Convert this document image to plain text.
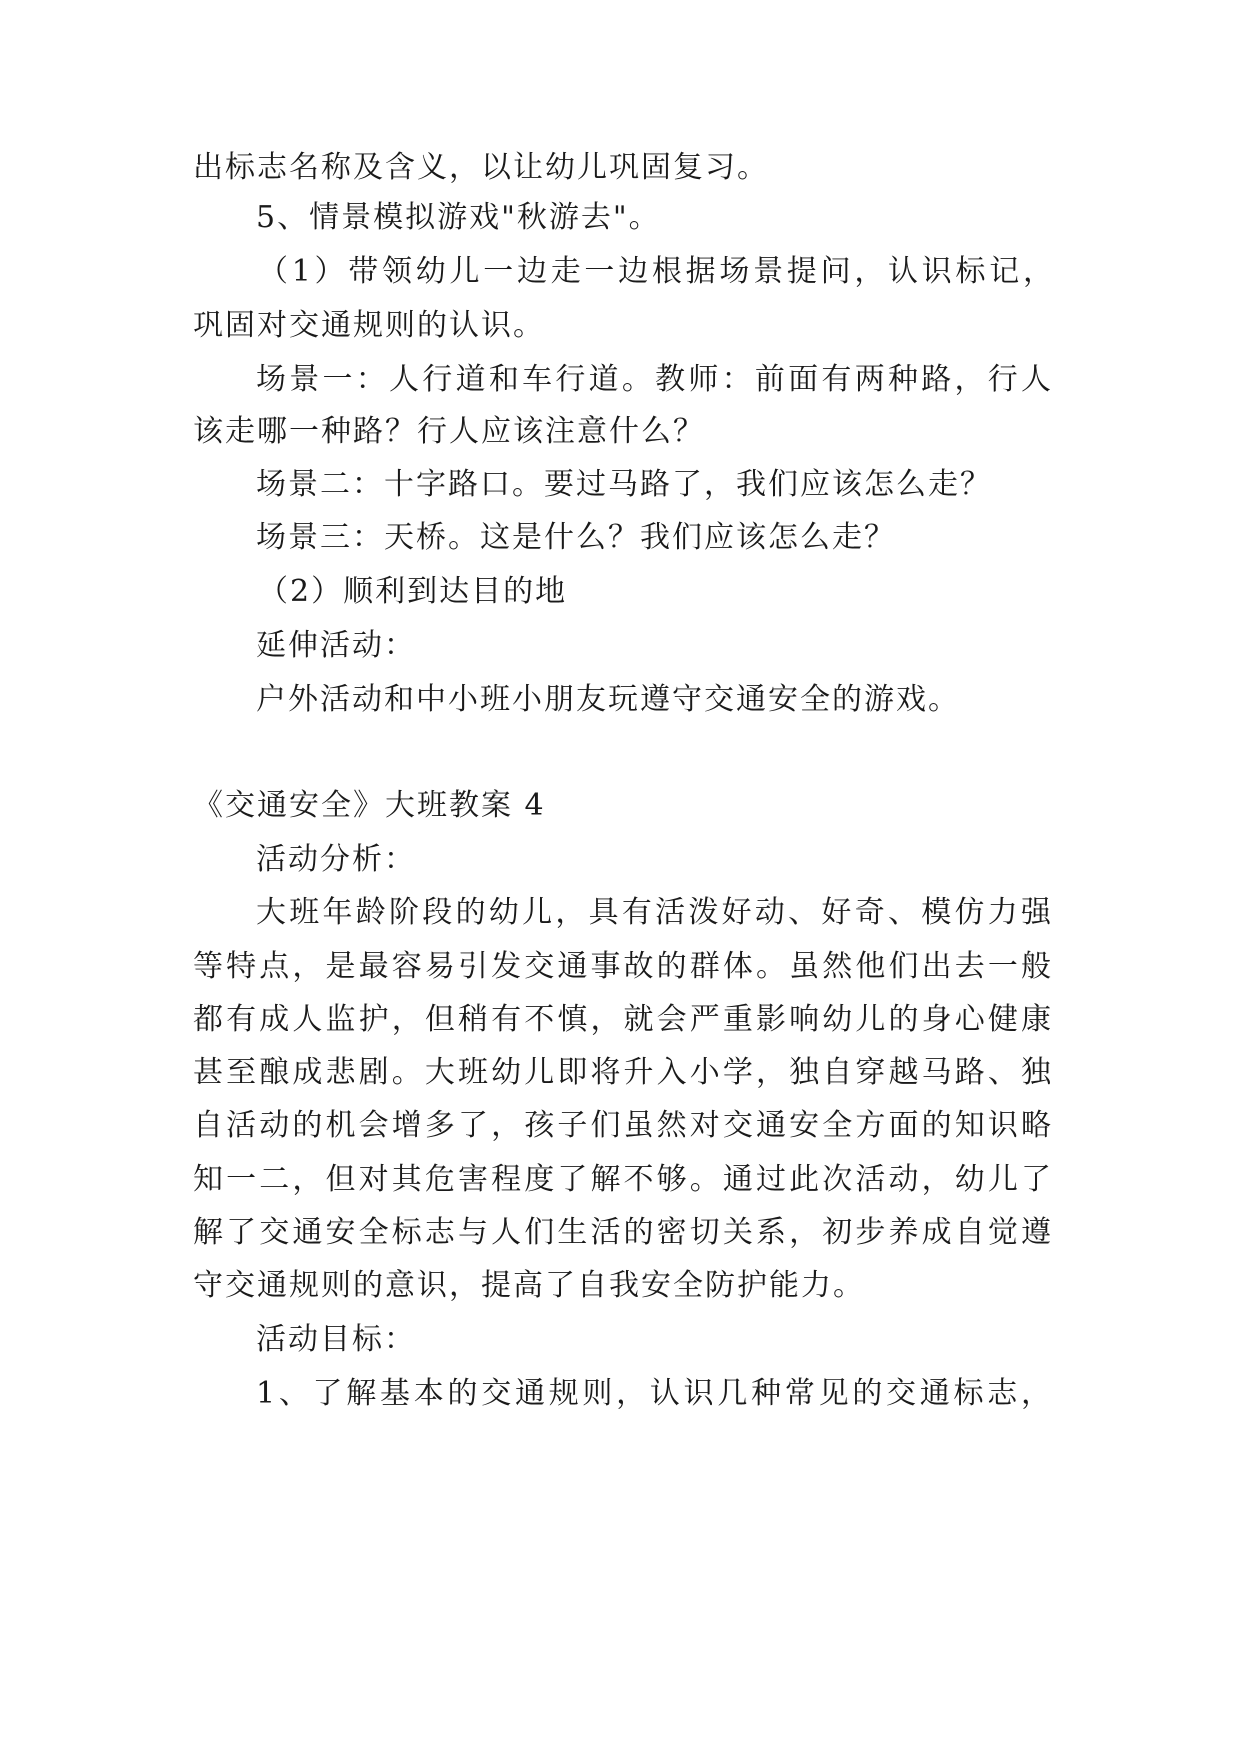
出标志名称及含义，以让幼儿巩固复习。
5、情景模拟游戏"秋游去"。
（1）带领幼儿一边走一边根据场景提问，认识标记，
巩固对交通规则的认识。
场景一：人行道和车行道。教师：前面有两种路，行人
该走哪一种路？行人应该注意什么？
场景二：十字路口。要过马路了，我们应该怎么走？
场景三：天桥。这是什么？我们应该怎么走？
（2）顺利到达目的地
延伸活动：
户外活动和中小班小朋友玩遵守交通安全的游戏。
《交通安全》大班教案 4
活动分析：
大班年龄阶段的幼儿，具有活泼好动、好奇、模仿力强
等特点，是最容易引发交通事故的群体。虽然他们出去一般
都有成人监护，但稍有不慎，就会严重影响幼儿的身心健康
甚至酿成悲剧。大班幼儿即将升入小学，独自穿越马路、独
自活动的机会增多了，孩子们虽然对交通安全方面的知识略
知一二，但对其危害程度了解不够。通过此次活动，幼儿了
解了交通安全标志与人们生活的密切关系，初步养成自觉遵
守交通规则的意识，提高了自我安全防护能力。
活动目标：
1、了解基本的交通规则，认识几种常见的交通标志，
